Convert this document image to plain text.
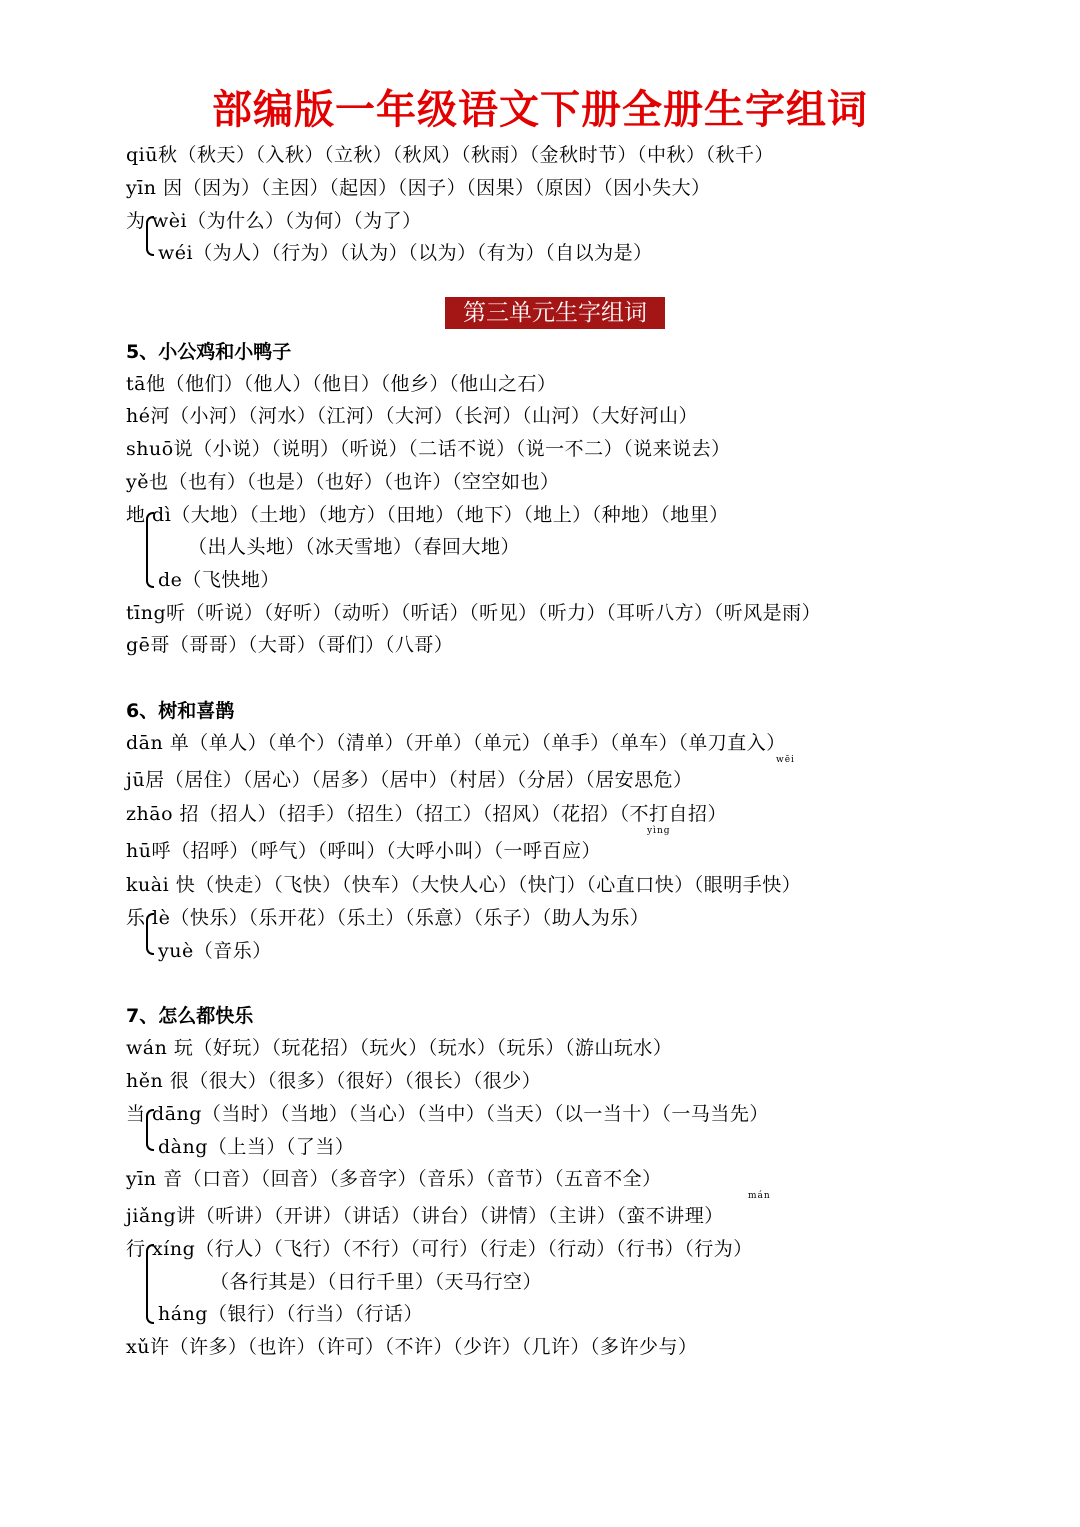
部编版一年级语文下册全册生字组词
qiū秋（秋天）（入秋）（立秋）（秋风）（秋雨）（金秋时节）（中秋）（秋千）
yīn 因（因为）（主因）（起因）（因子）（因果）（原因）（因小失大）
为 wèi（为什么）（为何）（为了）
wéi（为人）（行为）（认为）（以为）（有为）（自以为是）
第三单元生字组词
5、小公鸡和小鸭子
tā他（他们）（他人）（他日）（他乡）（他山之石）
hé河（小河）（河水）（江河）（大河）（长河）（山河）（大好河山）
shuō说（小说）（说明）（听说）（二话不说）（说一不二）（说来说去）
yě也（也有）（也是）（也好）（也许）（空空如也）
地 dì（大地）（土地）（地方）（田地）（地下）（地上）（种地）（地里）
（出人头地）（冰天雪地）（春回大地）
de（飞快地）
tīng听（听说）（好听）（动听）（听话）（听见）（听力）（耳听八方）（听风是雨）
gē哥（哥哥）（大哥）（哥们）（八哥）
6、树和喜鹊
dān 单（单人）（单个）（清单）（开单）（单元）（单手）（单车）（单刀直入）
wēi
jū居（居住）（居心）（居多）（居中）（村居）（分居）（居安思危）
zhāo 招（招人）（招手）（招生）（招工）（招风）（花招）（不打自招）
yìng
hū呼（招呼）（呼气）（呼叫）（大呼小叫）（一呼百应）
kuài 快（快走）（飞快）（快车）（大快人心）（快门）（心直口快）（眼明手快）
乐 lè（快乐）（乐开花）（乐土）（乐意）（乐子）（助人为乐）
yuè（音乐）
7、怎么都快乐
wán 玩（好玩）（玩花招）（玩火）（玩水）（玩乐）（游山玩水）
hěn 很（很大）（很多）（很好）（很长）（很少）
当 dāng（当时）（当地）（当心）（当中）（当天）（以一当十）（一马当先）
dàng（上当）（了当）
yīn 音（口音）（回音）（多音字）（音乐）（音节）（五音不全）
mán
jiǎng讲（听讲）（开讲）（讲话）（讲台）（讲情）（主讲）（蛮不讲理）
行 xíng（行人）（飞行）（不行）（可行）（行走）（行动）（行书）（行为）
（各行其是）（日行千里）（天马行空）
háng（银行）（行当）（行话）
xǔ许（许多）（也许）（许可）（不许）（少许）（几许）（多许少与）
